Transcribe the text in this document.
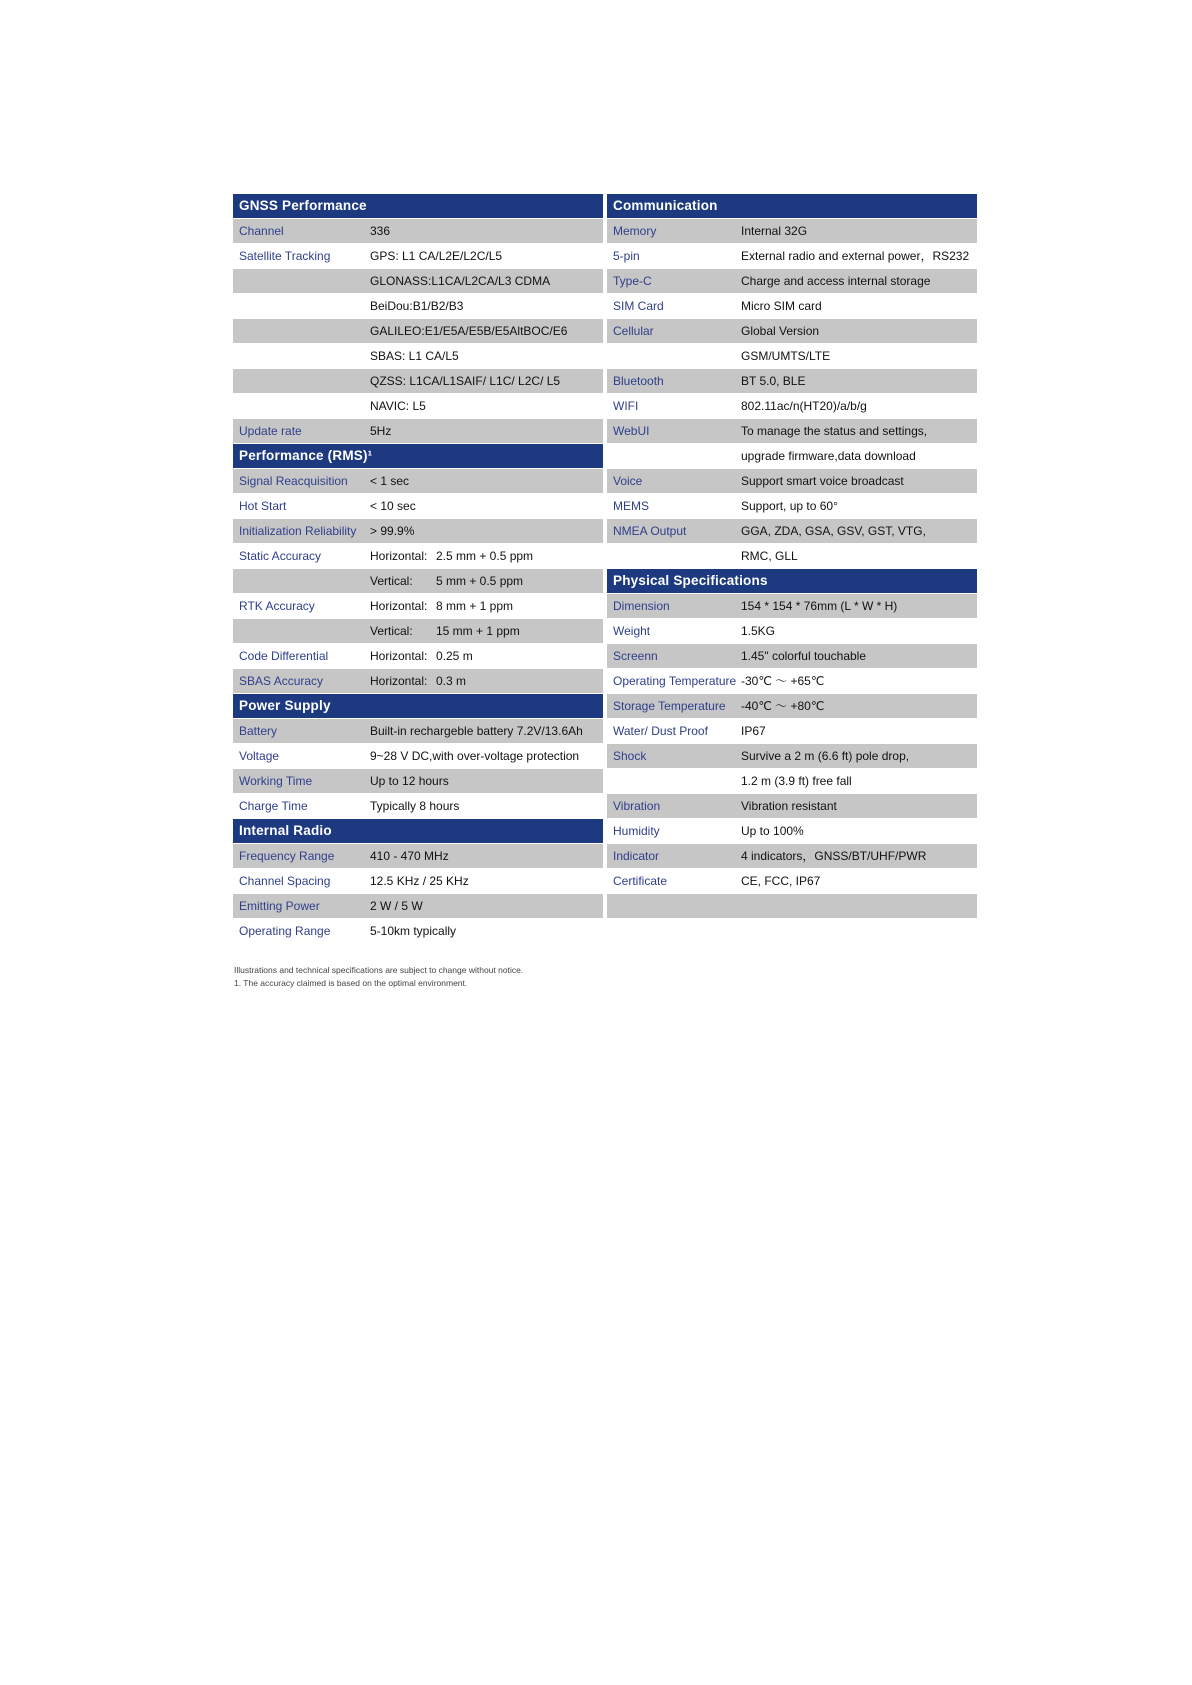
GNSS Performance
Channel	336
Satellite Tracking	GPS: L1 CA/L2E/L2C/L5
GLONASS:L1CA/L2CA/L3 CDMA
BeiDou:B1/B2/B3
GALILEO:E1/E5A/E5B/E5AltBOC/E6
SBAS: L1 CA/L5
QZSS: L1CA/L1SAIF/ L1C/ L2C/ L5
NAVIC: L5
Update rate	5Hz
Performance (RMS)¹
Signal Reacquisition	< 1 sec
Hot Start	< 10 sec
Initialization Reliability	> 99.9%
Static Accuracy	Horizontal: 2.5 mm + 0.5 ppm
Vertical: 5 mm + 0.5 ppm
RTK Accuracy	Horizontal: 8 mm + 1 ppm
Vertical: 15 mm + 1 ppm
Code Differential	Horizontal: 0.25 m
SBAS Accuracy	Horizontal: 0.3 m
Power Supply
Battery	Built-in rechargeble battery 7.2V/13.6Ah
Voltage	9~28 V DC,with over-voltage protection
Working Time	Up to 12 hours
Charge Time	Typically 8 hours
Internal Radio
Frequency Range	410 - 470 MHz
Channel Spacing	12.5 KHz / 25 KHz
Emitting Power	2 W / 5 W
Operating Range	5-10km typically
Communication
Memory	Internal 32G
5-pin	External radio and external power，RS232
Type-C	Charge and access internal storage
SIM Card	Micro SIM card
Cellular	Global Version
GSM/UMTS/LTE
Bluetooth	BT 5.0, BLE
WIFI	802.11ac/n(HT20)/a/b/g
WebUI	To manage the status and settings,
upgrade firmware,data download
Voice	Support smart voice broadcast
MEMS	Support, up to 60°
NMEA Output	GGA, ZDA, GSA, GSV, GST, VTG,
RMC, GLL
Physical Specifications
Dimension	154 * 154 * 76mm (L * W * H)
Weight	1.5KG
Screenn	1.45" colorful touchable
Operating Temperature -30℃ ～ +65℃
Storage Temperature	-40℃ ～ +80℃
Water/ Dust Proof	IP67
Shock	Survive a 2 m (6.6 ft) pole drop,
1.2 m (3.9 ft) free fall
Vibration	Vibration resistant
Humidity	Up to 100%
Indicator	4 indicators，GNSS/BT/UHF/PWR
Certificate	CE, FCC, IP67
Illustrations and technical specifications are subject to change without notice.
1. The accuracy claimed is based on the optimal environment.
